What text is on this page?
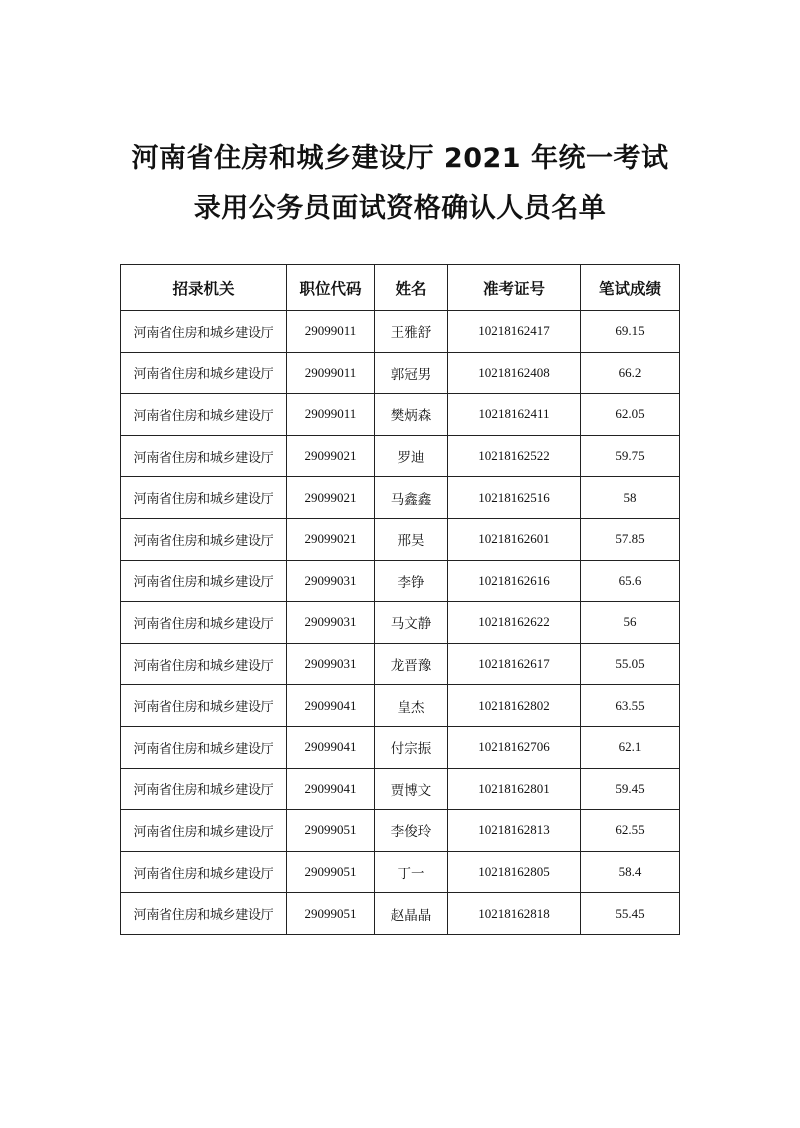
河南省住房和城乡建设厅 2021 年统一考试
录用公务员面试资格确认人员名单
招录机关	职位代码	姓名	准考证号	笔试成绩
河南省住房和城乡建设厅	29099011	王雅舒	10218162417	69.15
河南省住房和城乡建设厅	29099011	郭冠男	10218162408	66.2
河南省住房和城乡建设厅	29099011	樊炳森	10218162411	62.05
河南省住房和城乡建设厅	29099021	罗迪	10218162522	59.75
河南省住房和城乡建设厅	29099021	马鑫鑫	10218162516	58
河南省住房和城乡建设厅	29099021	邢昊	10218162601	57.85
河南省住房和城乡建设厅	29099031	李铮	10218162616	65.6
河南省住房和城乡建设厅	29099031	马文静	10218162622	56
河南省住房和城乡建设厅	29099031	龙晋豫	10218162617	55.05
河南省住房和城乡建设厅	29099041	皇杰	10218162802	63.55
河南省住房和城乡建设厅	29099041	付宗振	10218162706	62.1
河南省住房和城乡建设厅	29099041	贾博文	10218162801	59.45
河南省住房和城乡建设厅	29099051	李俊玲	10218162813	62.55
河南省住房和城乡建设厅	29099051	丁一	10218162805	58.4
河南省住房和城乡建设厅	29099051	赵晶晶	10218162818	55.45
